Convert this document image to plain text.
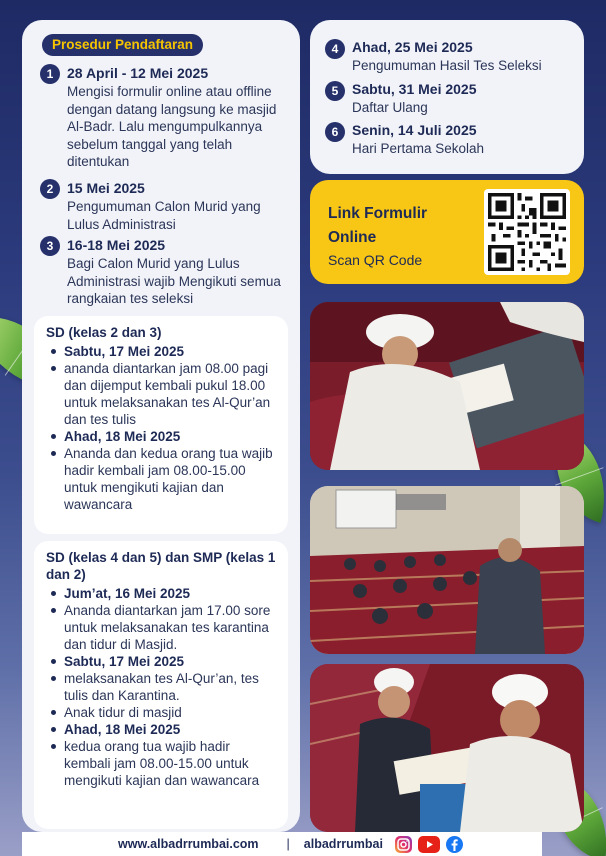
Prosedur Pendaftaran
1 28 April - 12 Mei 2025
Mengisi formulir online atau offline dengan datang langsung ke masjid Al-Badr. Lalu mengumpulkannya sebelum tanggal yang telah ditentukan
2 15 Mei 2025
Pengumuman Calon Murid yang Lulus Administrasi
3 16-18 Mei 2025
Bagi Calon Murid yang Lulus Administrasi wajib Mengikuti semua rangkaian tes seleksi
SD (kelas 2 dan 3)
Sabtu, 17 Mei 2025
ananda diantarkan jam 08.00 pagi dan dijemput kembali pukul 18.00 untuk melaksanakan tes Al-Qur’an dan tes tulis
Ahad, 18 Mei 2025
Ananda dan kedua orang tua wajib hadir kembali jam 08.00-15.00 untuk mengikuti kajian dan wawancara
SD (kelas 4 dan 5) dan SMP (kelas 1 dan 2)
Jum’at, 16 Mei 2025
Ananda diantarkan jam 17.00 sore untuk melaksanakan tes karantina dan tidur di Masjid.
Sabtu, 17 Mei 2025
melaksanakan tes Al-Qur’an, tes tulis dan Karantina.
Anak tidur di masjid
Ahad, 18 Mei 2025
kedua orang tua wajib hadir kembali jam 08.00-15.00 untuk mengikuti kajian dan wawancara
4 Ahad, 25 Mei 2025
Pengumuman Hasil Tes Seleksi
5 Sabtu, 31 Mei 2025
Daftar Ulang
6 Senin, 14 Juli 2025
Hari Pertama Sekolah
Link Formulir Online
Scan QR Code
www.albadrrumbai.com | albadrrumbai
